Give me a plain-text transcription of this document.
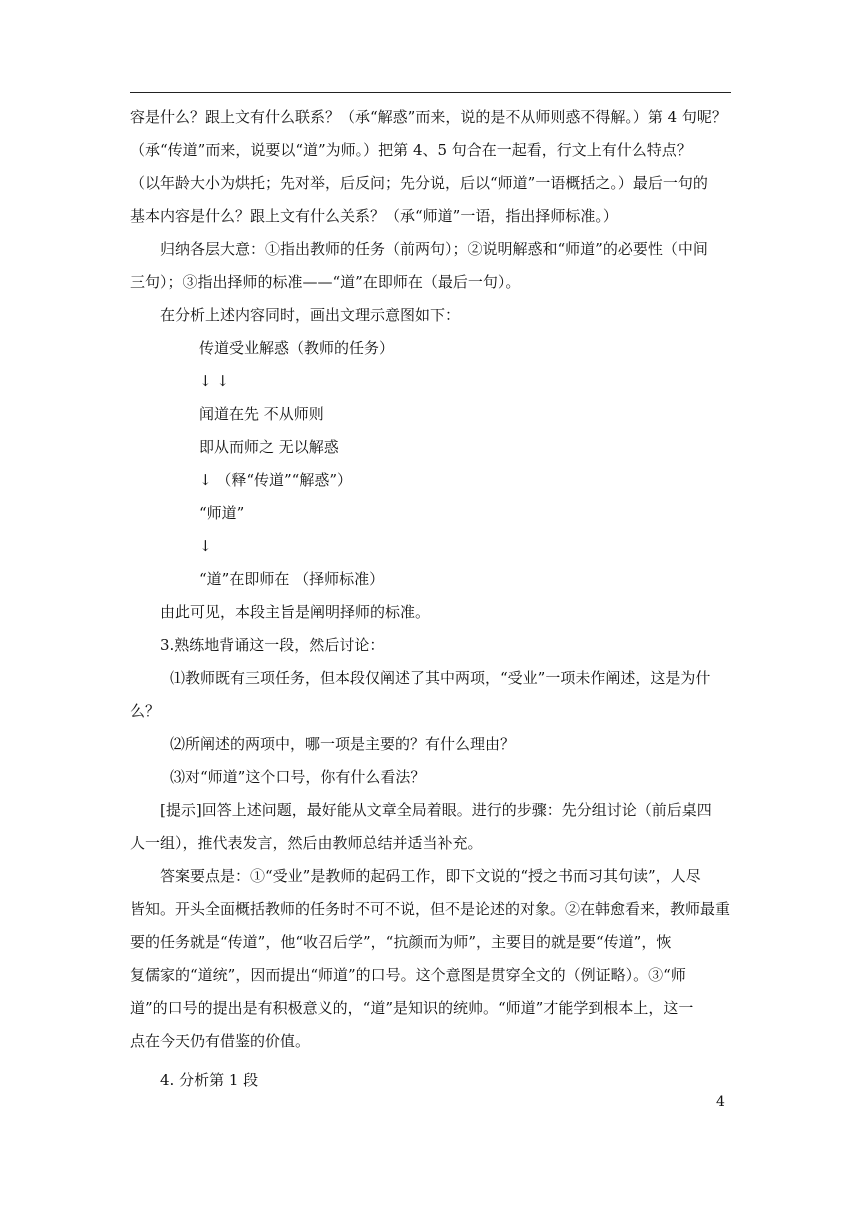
容是什么？跟上文有什么联系？（承“解惑”而来，说的是不从师则惑不得解。）第 4 句呢？

（承“传道”而来，说要以“道”为师。）把第 4、5 句合在一起看，行文上有什么特点？

（以年龄大小为烘托；先对举，后反问；先分说，后以“师道”一语概括之。）最后一句的

基本内容是什么？跟上文有什么关系？（承“师道”一语，指出择师标准。）

归纳各层大意：①指出教师的任务（前两句）；②说明解惑和“师道”的必要性（中间

三句）；③指出择师的标准——“道”在即师在（最后一句）。

在分析上述内容同时，画出文理示意图如下：

传道受业解惑（教师的任务）

↓ ↓

闻道在先 不从师则

即从而师之 无以解惑

↓ （释“传道”“解惑”）

“师道”

↓

“道”在即师在 （择师标准）

由此可见，本段主旨是阐明择师的标准。

3.熟练地背诵这一段，然后讨论：

⑴教师既有三项任务，但本段仅阐述了其中两项，“受业”一项未作阐述，这是为什

么？

⑵所阐述的两项中，哪一项是主要的？有什么理由？

⑶对“师道”这个口号，你有什么看法？

[提示]回答上述问题，最好能从文章全局着眼。进行的步骤：先分组讨论（前后桌四

人一组），推代表发言，然后由教师总结并适当补充。

答案要点是：①“受业”是教师的起码工作，即下文说的“授之书而习其句读”，人尽

皆知。开头全面概括教师的任务时不可不说，但不是论述的对象。②在韩愈看来，教师最重

要的任务就是“传道”，他“收召后学”，“抗颜而为师”，主要目的就是要“传道”，恢

复儒家的“道统”，因而提出“师道”的口号。这个意图是贯穿全文的（例证略）。③“师

道”的口号的提出是有积极意义的，“道”是知识的统帅。“师道”才能学到根本上，这一

点在今天仍有借鉴的价值。

4. 分析第 1 段

4
